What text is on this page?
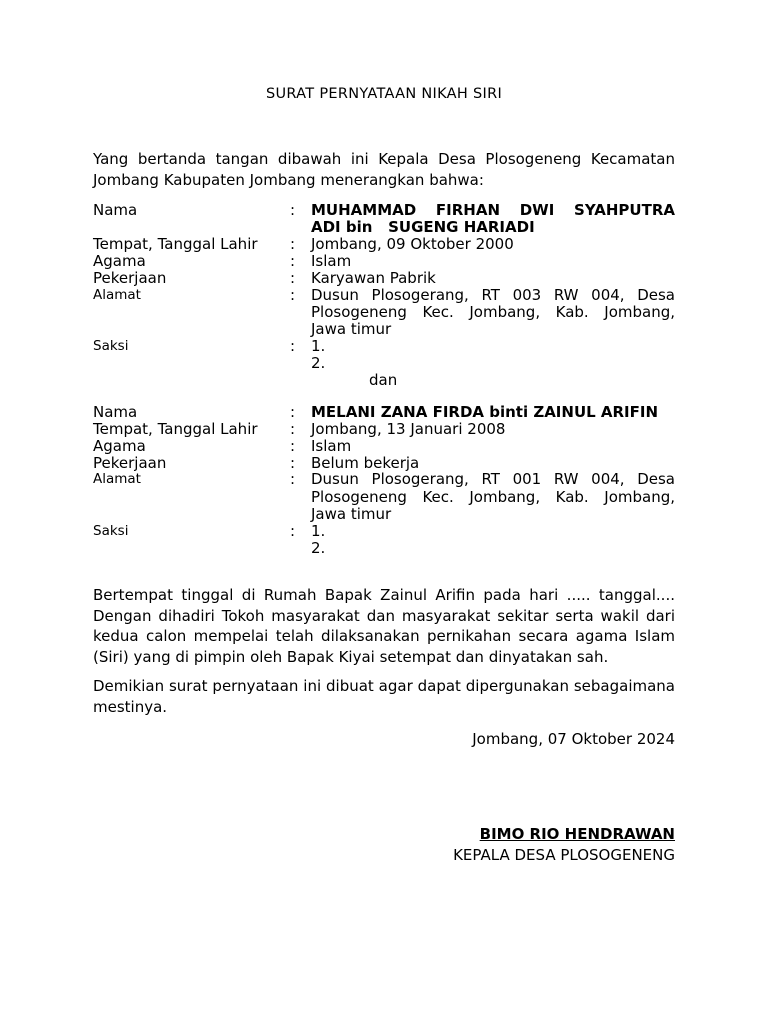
SURAT PERNYATAAN NIKAH SIRI
Yang bertanda tangan dibawah ini Kepala Desa Plosogeneng Kecamatan Jombang Kabupaten Jombang menerangkan bahwa:
Nama	: MUHAMMAD FIRHAN DWI SYAHPUTRA
ADI bin   SUGENG HARIADI
Tempat, Tanggal Lahir : Jombang, 09 Oktober 2000
Agama	: Islam
Pekerjaan	: Karyawan Pabrik
Alamat	: Dusun Plosogerang, RT 003 RW 004, Desa
Plosogeneng Kec. Jombang, Kab. Jombang,
Jawa timur
Saksi	: 1.
2.
dan
Nama	: MELANI ZANA FIRDA binti ZAINUL ARIFIN
Tempat, Tanggal Lahir : Jombang, 13 Januari 2008
Agama	: Islam
Pekerjaan	: Belum bekerja
Alamat	: Dusun Plosogerang, RT 001 RW 004, Desa
Plosogeneng Kec. Jombang, Kab. Jombang,
Jawa timur
Saksi	: 1.
2.
Bertempat tinggal di Rumah Bapak Zainul Arifin pada hari ..... tanggal.... Dengan dihadiri Tokoh masyarakat dan masyarakat sekitar serta wakil dari kedua calon mempelai telah dilaksanakan pernikahan secara agama Islam (Siri) yang di pimpin oleh Bapak Kiyai setempat dan dinyatakan sah.
Demikian surat pernyataan ini dibuat agar dapat dipergunakan sebagaimana mestinya.
Jombang, 07 Oktober 2024
BIMO RIO HENDRAWAN
KEPALA DESA PLOSOGENENG
